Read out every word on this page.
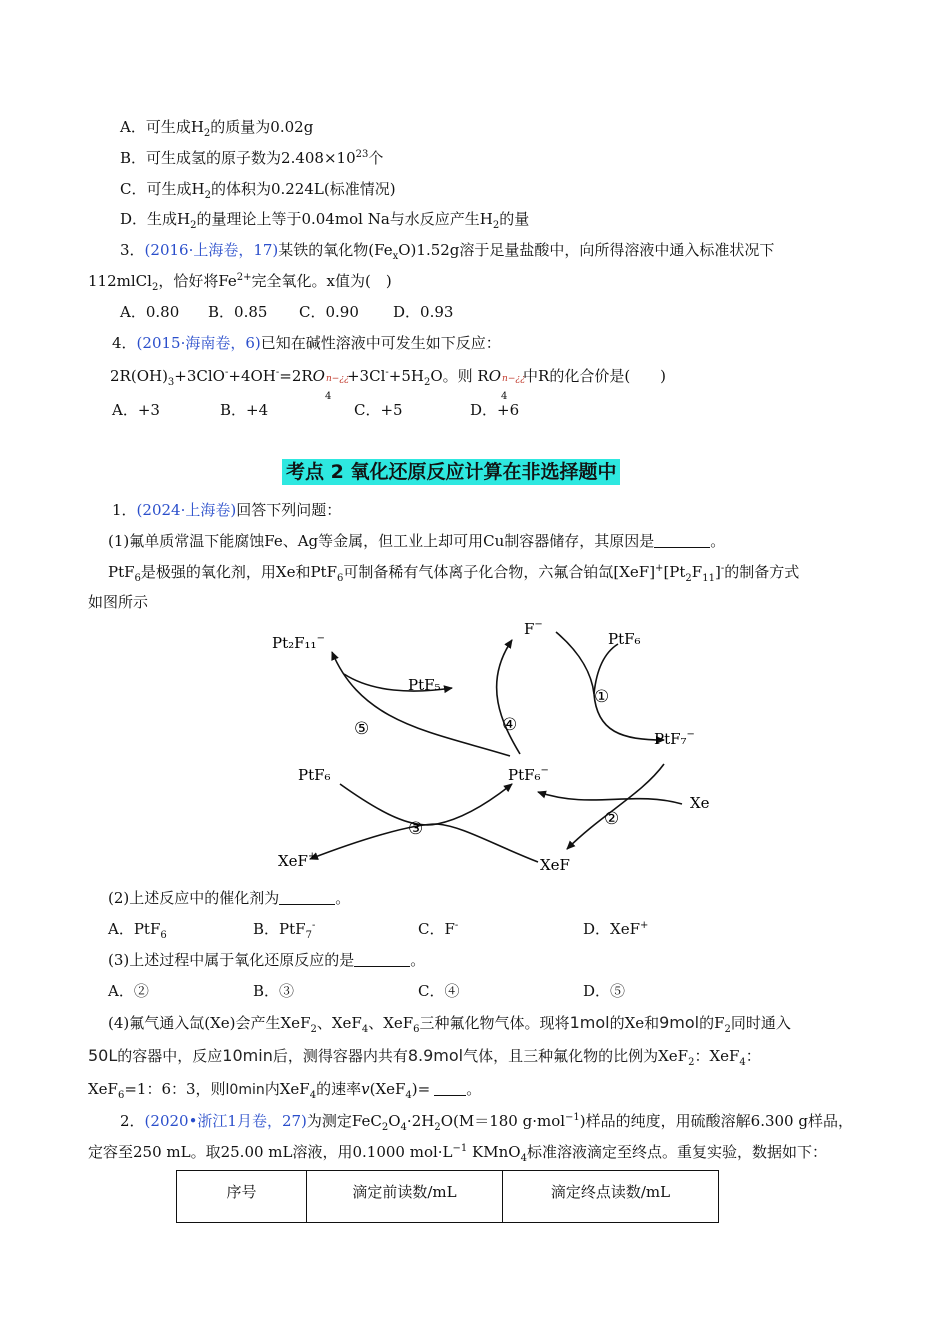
A．可生成$H_2$的质量为0.02g
B．可生成氢的原子数为$2.408\times 10^{23}$个
C．可生成$H_2$的体积为0.224L(标准情况)
D．生成$H_2$的量理论上等于0.04mol Na与水反应产生$H_2$的量
3．(2016·上海卷，17)某铁的氧化物$(Fe_xO)1.52g$溶于足量盐酸中，向所得溶液中通入标准状况下
112mlCl$_2$，恰好将$Fe^{2+}$完全氧化。x值为(　)
A．0.80 B．0.85 C．0.90 D．0.93
4．(2015·海南卷，6)已知在碱性溶液中可发生如下反应：
$2R(OH)_3+3ClO^-+4OH^-=2RO$
4
n−¿¿
$+3Cl^-+5H_2O$。则 RO
4
n−¿¿
中R的化合价是(　　)
A．+3	B．+4	C．+5	D．+6
考点 2 氧化还原反应计算在非选择题中
1．(2024·上海卷)回答下列问题：
(1)氟单质常温下能腐蚀Fe、Ag等金属，但工业上却可用Cu制容器储存，其原因是	。
PtF$_6$是极强的氧化剂，用Xe和PtF$_6$可制备稀有气体离子化合物，六氟合铂氙$[XeF]^+[Pt_2F_{11}]^-$的制备方式
如图所示
Pt₂F₁₁−
PtF₅
F−
PtF₆
PtF₇−
PtF₆−
PtF₆
Xe
XeF+	XeF
①
②
③
④
⑤
(2)上述反应中的催化剂为	。
A．PtF$_6$	B．PtF$_7$-	C．F-	D．XeF+
(3)上述过程中属于氧化还原反应的是	。
A．②	B．③	C．④	D．⑤
(4)氟气通入氙(Xe)会产生XeF$_2$、XeF$_4$、XeF$_6$三种氟化物气体。现将1mol的Xe和9mol的$F_2$同时通入
50L的容器中，反应10min后，测得容器内共有8.9mol气体，且三种氟化物的比例为XeF$_2$：XeF$_4$：
XeF$_6$=1：6：3，则l0min内XeF$_4$的速率v(XeF$_4$)= 。
2．(2020•浙江1月卷，27)为测定$FeC_2O_4\cdot 2H_2O(M=180$ g·mol$^{-1}$)样品的纯度，用硫酸溶解6.300 g样品，
定容至250 mL。取25.00 mL溶液，用0.1000 $mol\cdot L^{-1}$ KMnO$_4$标准溶液滴定至终点。重复实验，数据如下：
序号	滴定前读数/mL	滴定终点读数/mL
